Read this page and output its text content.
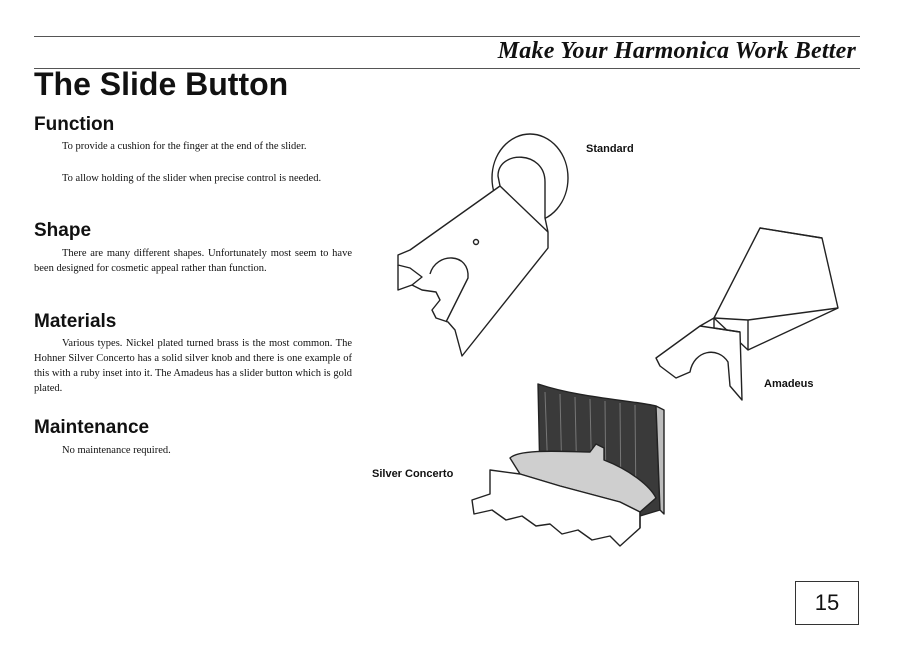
Make Your Harmonica Work Better
The Slide Button
Function

To provide a cushion for the finger at the end of the slider.

To allow holding of the slider when precise control is needed.

Shape

There are many different shapes. Unfortunately most seem to have been designed for cosmetic appeal rather than function.

Materials

Various types. Nickel plated turned brass is the most common. The Hohner Silver Concerto has a solid silver knob and there is one example of this with a ruby inset into it. The Amadeus has a slider button which is gold plated.

Maintenance

No maintenance required.

Standard
Amadeus
Silver Concerto
15
